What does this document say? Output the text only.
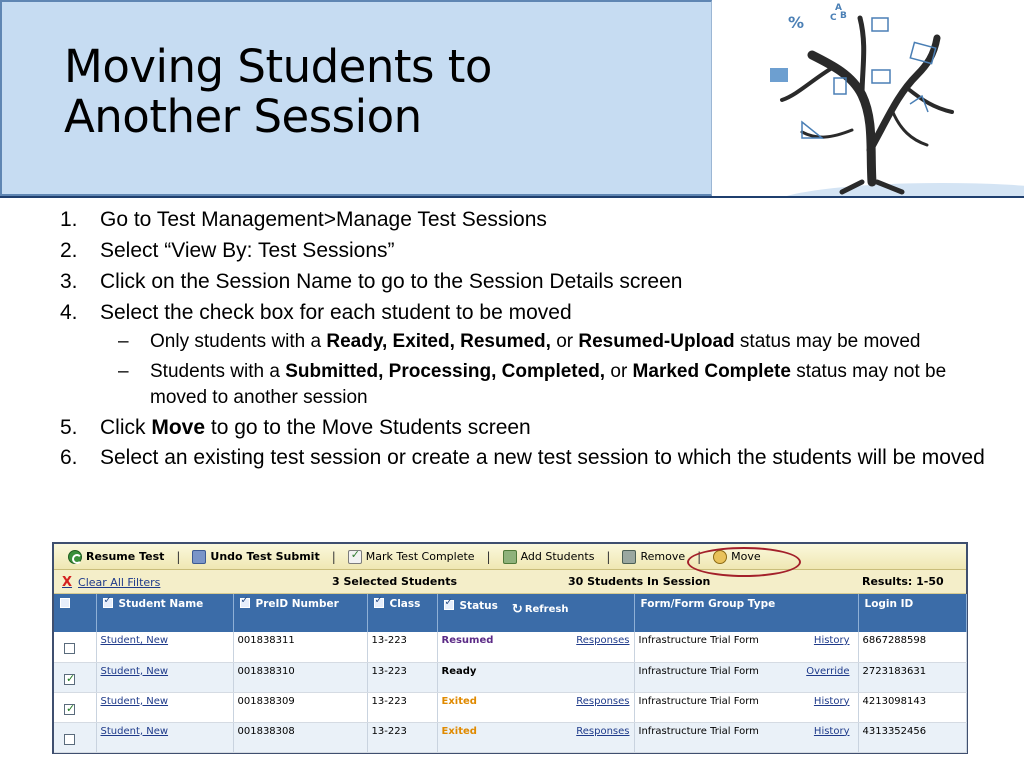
Moving Students to
Another Session
%
A
C B
1. Go to Test Management>Manage Test Sessions
2. Select “View By: Test Sessions”
3. Click on the Session Name to go to the Session Details screen
4. Select the check box for each student to be moved
– Only students with a Ready, Exited, Resumed, or Resumed-Upload status may be moved
– Students with a Submitted, Processing, Completed, or Marked Complete status may not be moved to another session
5. Click Move to go to the Move Students screen
6. Select an existing test session or create a new test session to which the students will be moved
Resume Test |	Undo Test Submit | ✓	Mark Test Complete |	Add Students |	Remove |	Move
X Clear All Filters	3 Selected Students	30 Students In Session	Results: 1-50
	✓Student Name	✓PreID Number	✓Class	✓Status ↻ Refresh	Form/Form Group Type	Login ID
	Student, New	001838311	13-223	Resumed Responses	Infrastructure Trial Form History	6867288598
✓	Student, New	001838310	13-223	Ready	Infrastructure Trial Form Override	2723183631
✓	Student, New	001838309	13-223	Exited Responses	Infrastructure Trial Form History	4213098143
	Student, New	001838308	13-223	Exited Responses	Infrastructure Trial Form History	4313352456
